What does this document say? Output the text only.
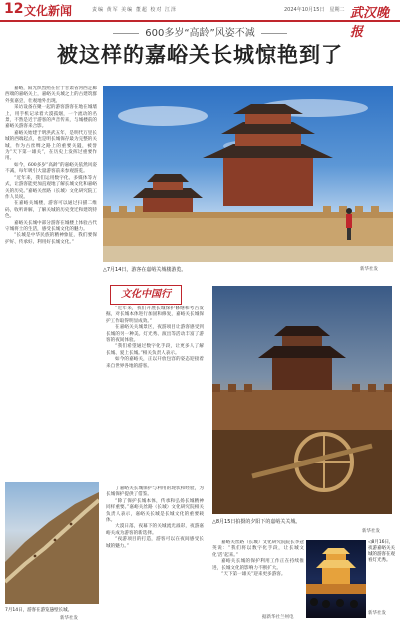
12 文化新闻	责编 黄军 美编 董超 校对 江泽	2024年10月15日　星期二 武汉晚报
600多岁“高龄”风姿不减
被这样的嘉峪关长城惊艳到了

嘉峪，阳光炽烈照在位于甘肃省河西走廊西端的嘉峪关上，嘉峪关关城之上的古建筑群外张嘉尝，壮观地外出现。

采访设备在聚一起的游客游客在地在城墙上，用手机记录着大漠孤烟，一个流动的名景，不然是近于游客的声音传来，与城楼前的嘉峪关游客来合影。

嘉峪关始建于明洪武五年，是明代万里长城的西端起点，也是明长城保存最为完整的关城，作为古丝绸之路上的重要关隘，被誉为“天下第一雄关”，在历史上发挥过重要作用。

如今，600多岁“高龄”的嘉峪关依然风姿不减，每年吸引大量游客前来参观游览。

“近年来，我们运用数字化、多媒体等方式，让游客能更加直观地了解长城文化和嘉峪关的历史。”嘉峪关丝路（长城）文化研究院工作人员说。

在嘉峪关城楼，游客可以通过扫描二维码，收听讲解，了解关城的历史变迁和建筑特色。

嘉峪关长城中部分游客在城楼上体验古代守城将士的生活，感受长城文化的魅力。

“长城是中华民族的精神象征，我们要保护好、传承好、利用好长城文化。”

△7月14日，游客在嘉峪关城楼游览。	新华社发
文化中国行

“近年来，我们开展长城保护修缮和考古发掘，对长城本体进行加固和修复，嘉峪关长城保护工作取得明显成效。”

在嘉峪关关城景区，夜游项目让游客感受到长城的另一种美。灯光秀、演出等活动丰富了游客的夜间体验。

“我们希望通过数字化手段，让更多人了解长城、爱上长城。”相关负责人表示。

如今的嘉峪关，正以开放包容的姿态迎接着来自世界各地的游客。

了嘉峪关长城保护与利用的现状和经验，为长城保护提供了借鉴。

“除了保护长城本体，传承和弘扬长城精神同样重要。”嘉峪关丝路（长城）文化研究院相关负责人表示，嘉峪关长城是长城文化的重要载体。

大漠日落，夜幕下的关城流光溢彩，夜游嘉峪关成为游客的新选择。

“夜游项目的打造，游客可以在夜间感受长城的魅力。”

△8月15日拍摄的夕阳下的嘉峪关关城。
新华社发
7月14日，游客在游览悬壁长城。
新华社发

嘉峪关丝路（长城）文化研究院院长李冠英说：“我们将以数字化手段，让长城文化‘活’起来。”

嘉峪关长城的保护利用工作正在持续推进，长城文化的影响力不断扩大。

“天下第一雄关”迎来更多游客。

据新华社兰州电
◁8月16日，夜游嘉峪关关城的游客在观看灯光秀。
新华社发
